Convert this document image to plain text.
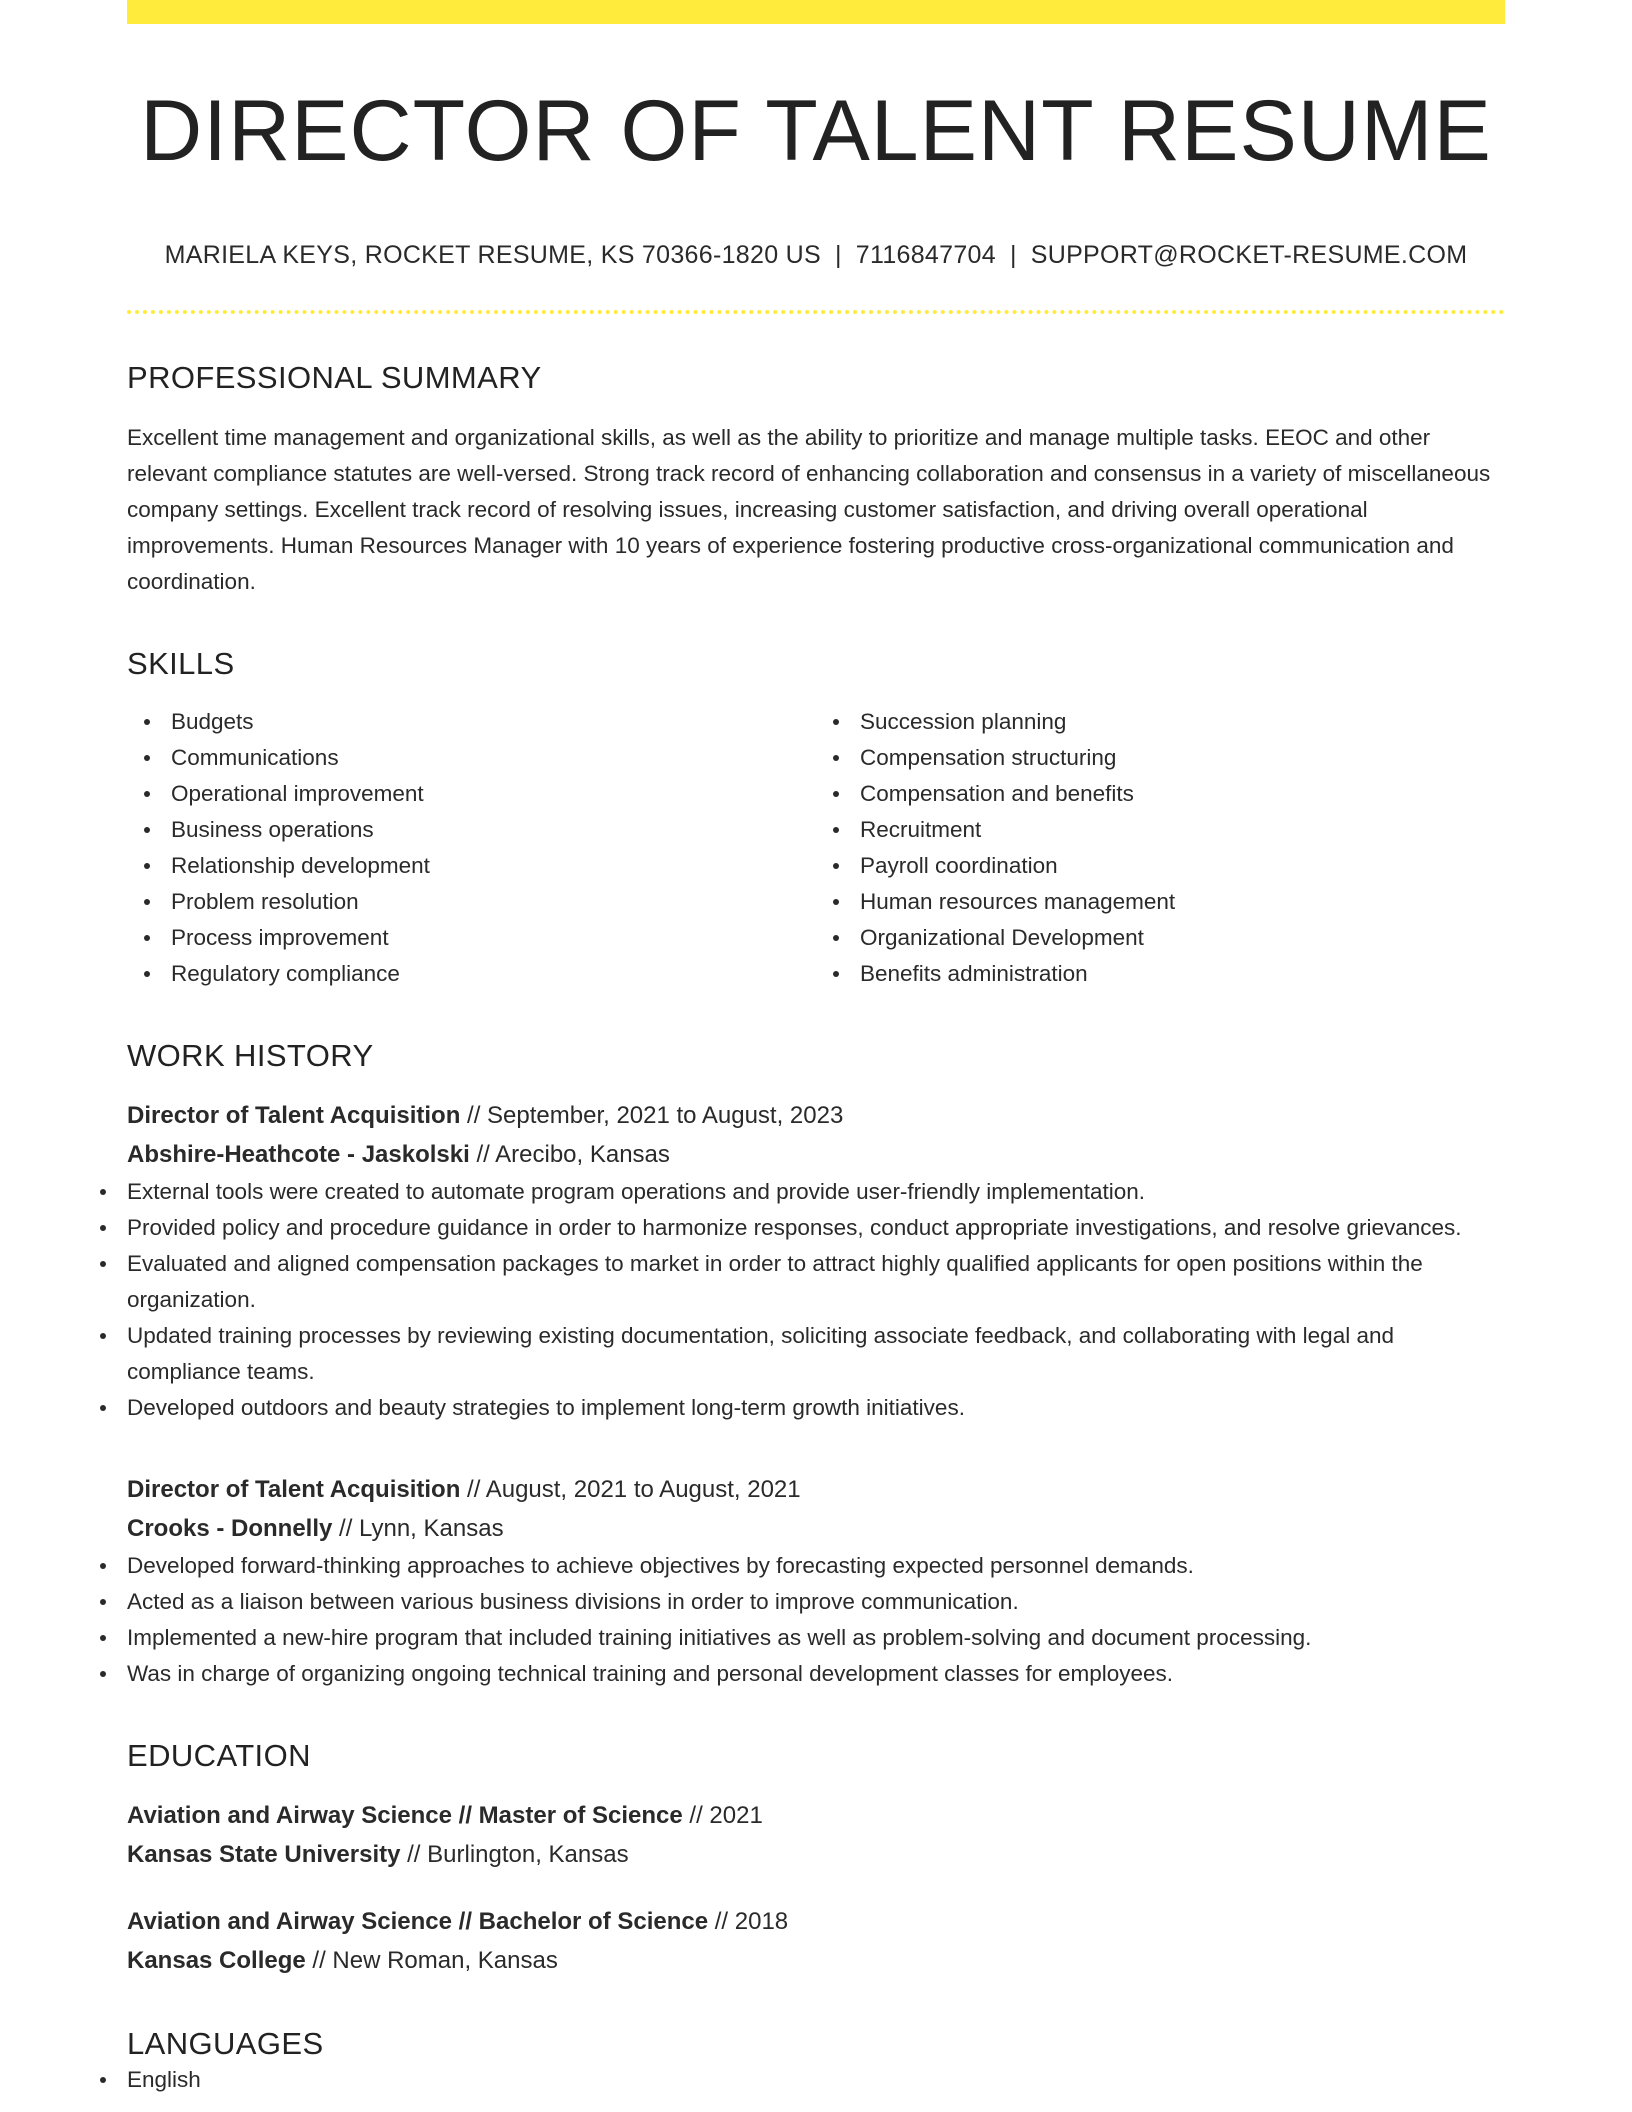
DIRECTOR OF TALENT RESUME
MARIELA KEYS, ROCKET RESUME, KS 70366-1820 US | 7116847704 | SUPPORT@ROCKET-RESUME.COM
PROFESSIONAL SUMMARY

Excellent time management and organizational skills, as well as the ability to prioritize and manage multiple tasks. EEOC and other relevant compliance statutes are well-versed. Strong track record of enhancing collaboration and consensus in a variety of miscellaneous company settings. Excellent track record of resolving issues, increasing customer satisfaction, and driving overall operational improvements. Human Resources Manager with 10 years of experience fostering productive cross-organizational communication and coordination.

SKILLS
Budgets
Communications
Operational improvement
Business operations
Relationship development
Problem resolution
Process improvement
Regulatory compliance
Succession planning
Compensation structuring
Compensation and benefits
Recruitment
Payroll coordination
Human resources management
Organizational Development
Benefits administration
WORK HISTORY
Director of Talent Acquisition // September, 2021 to August, 2023
Abshire-Heathcote - Jaskolski // Arecibo, Kansas
External tools were created to automate program operations and provide user-friendly implementation.
Provided policy and procedure guidance in order to harmonize responses, conduct appropriate investigations, and resolve grievances.
Evaluated and aligned compensation packages to market in order to attract highly qualified applicants for open positions within the organization.
Updated training processes by reviewing existing documentation, soliciting associate feedback, and collaborating with legal and compliance teams.
Developed outdoors and beauty strategies to implement long-term growth initiatives.
Director of Talent Acquisition // August, 2021 to August, 2021
Crooks - Donnelly // Lynn, Kansas
Developed forward-thinking approaches to achieve objectives by forecasting expected personnel demands.
Acted as a liaison between various business divisions in order to improve communication.
Implemented a new-hire program that included training initiatives as well as problem-solving and document processing.
Was in charge of organizing ongoing technical training and personal development classes for employees.
EDUCATION
Aviation and Airway Science // Master of Science // 2021
Kansas State University // Burlington, Kansas
Aviation and Airway Science // Bachelor of Science // 2018
Kansas College // New Roman, Kansas
LANGUAGES
English
